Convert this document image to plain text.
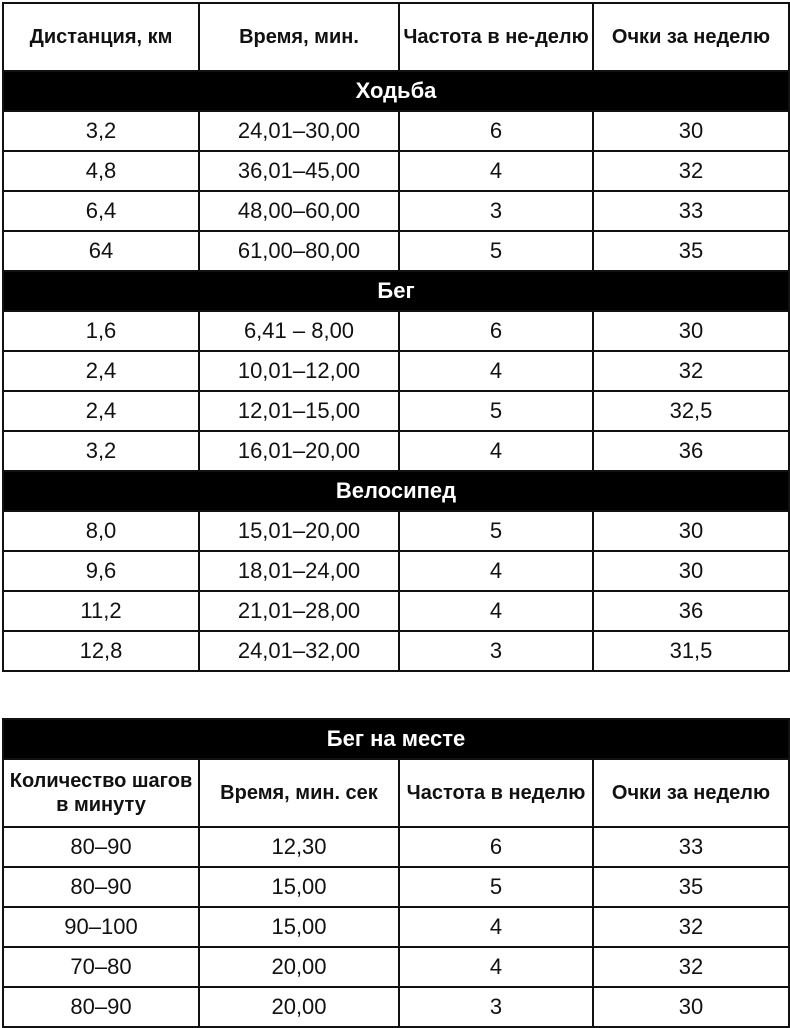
Дистанция, км	Время, мин.	Частота в не-делю	Очки за неделю
Ходьба			
3,2	24,01–30,00	6	30
4,8	36,01–45,00	4	32
6,4	48,00–60,00	3	33
64	61,00–80,00	5	35
Бег			
1,6	6,41 – 8,00	6	30
2,4	10,01–12,00	4	32
2,4	12,01–15,00	5	32,5
3,2	16,01–20,00	4	36
Велосипед			
8,0	15,01–20,00	5	30
9,6	18,01–24,00	4	30
11,2	21,01–28,00	4	36
12,8	24,01–32,00	3	31,5
Бег на месте			
Количество шагов в минуту	Время, мин. сек	Частота в неделю	Очки за неделю
80–90	12,30	6	33
80–90	15,00	5	35
90–100	15,00	4	32
70–80	20,00	4	32
80–90	20,00	3	30
